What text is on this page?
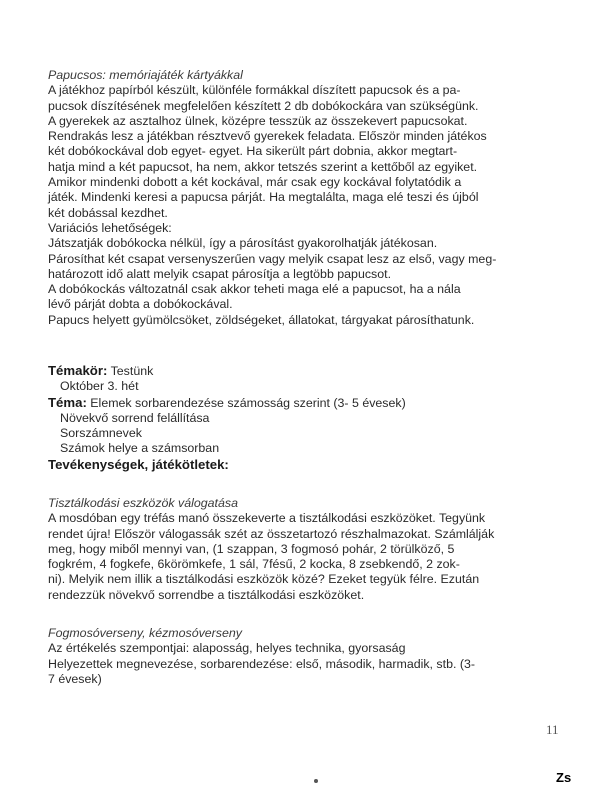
Papucsos: memóriajáték kártyákkal

A játékhoz papírból készült, különféle formákkal díszített papucsok és a pa-

pucsok díszítésének megfelelően készített 2 db dobókockára van szükségünk.

A gyerekek az asztalhoz ülnek, középre tesszük az összekevert papucsokat.

Rendrakás lesz a játékban résztvevő gyerekek feladata. Először minden játékos

két dobókockával dob egyet- egyet. Ha sikerült párt dobnia, akkor megtart-

hatja mind a két papucsot, ha nem, akkor tetszés szerint a kettőből az egyiket.

Amikor mindenki dobott a két kockával, már csak egy kockával folytatódik a

játék. Mindenki keresi a papucsa párját. Ha megtalálta, maga elé teszi és újból

két dobással kezdhet.

Variációs lehetőségek:

Játszatják dobókocka nélkül, így a párosítást gyakorolhatják játékosan.

Párosíthat két csapat versenyszerűen vagy melyik csapat lesz az első, vagy meg-

határozott idő alatt melyik csapat párosítja a legtöbb papucsot.

A dobókockás változatnál csak akkor teheti maga elé a papucsot, ha a nála

lévő párját dobta a dobókockával.

Papucs helyett gyümölcsöket, zöldségeket, állatokat, tárgyakat párosíthatunk.

Témakör: Testünk

Október 3. hét

Téma: Elemek sorbarendezése számosság szerint (3- 5 évesek)

Növekvő sorrend felállítása

Sorszámnevek

Számok helye a számsorban

Tevékenységek, játékötletek:

Tisztálkodási eszközök válogatása

A mosdóban egy tréfás manó összekeverte a tisztálkodási eszközöket. Tegyünk

rendet újra! Először válogassák szét az összetartozó részhalmazokat. Számlálják

meg, hogy miből mennyi van, (1 szappan, 3 fogmosó pohár, 2 törülköző, 5

fogkrém, 4 fogkefe, 6körömkefe, 1 sál, 7fésű, 2 kocka, 8 zsebkendő, 2 zok-

ni). Melyik nem illik a tisztálkodási eszközök közé? Ezeket tegyük félre. Ezután

rendezzük növekvő sorrendbe a tisztálkodási eszközöket.

Fogmosóverseny, kézmosóverseny

Az értékelés szempontjai: alaposság, helyes technika, gyorsaság

Helyezettek megnevezése, sorbarendezése: első, második, harmadik, stb. (3-

7 évesek)

11
Zs
